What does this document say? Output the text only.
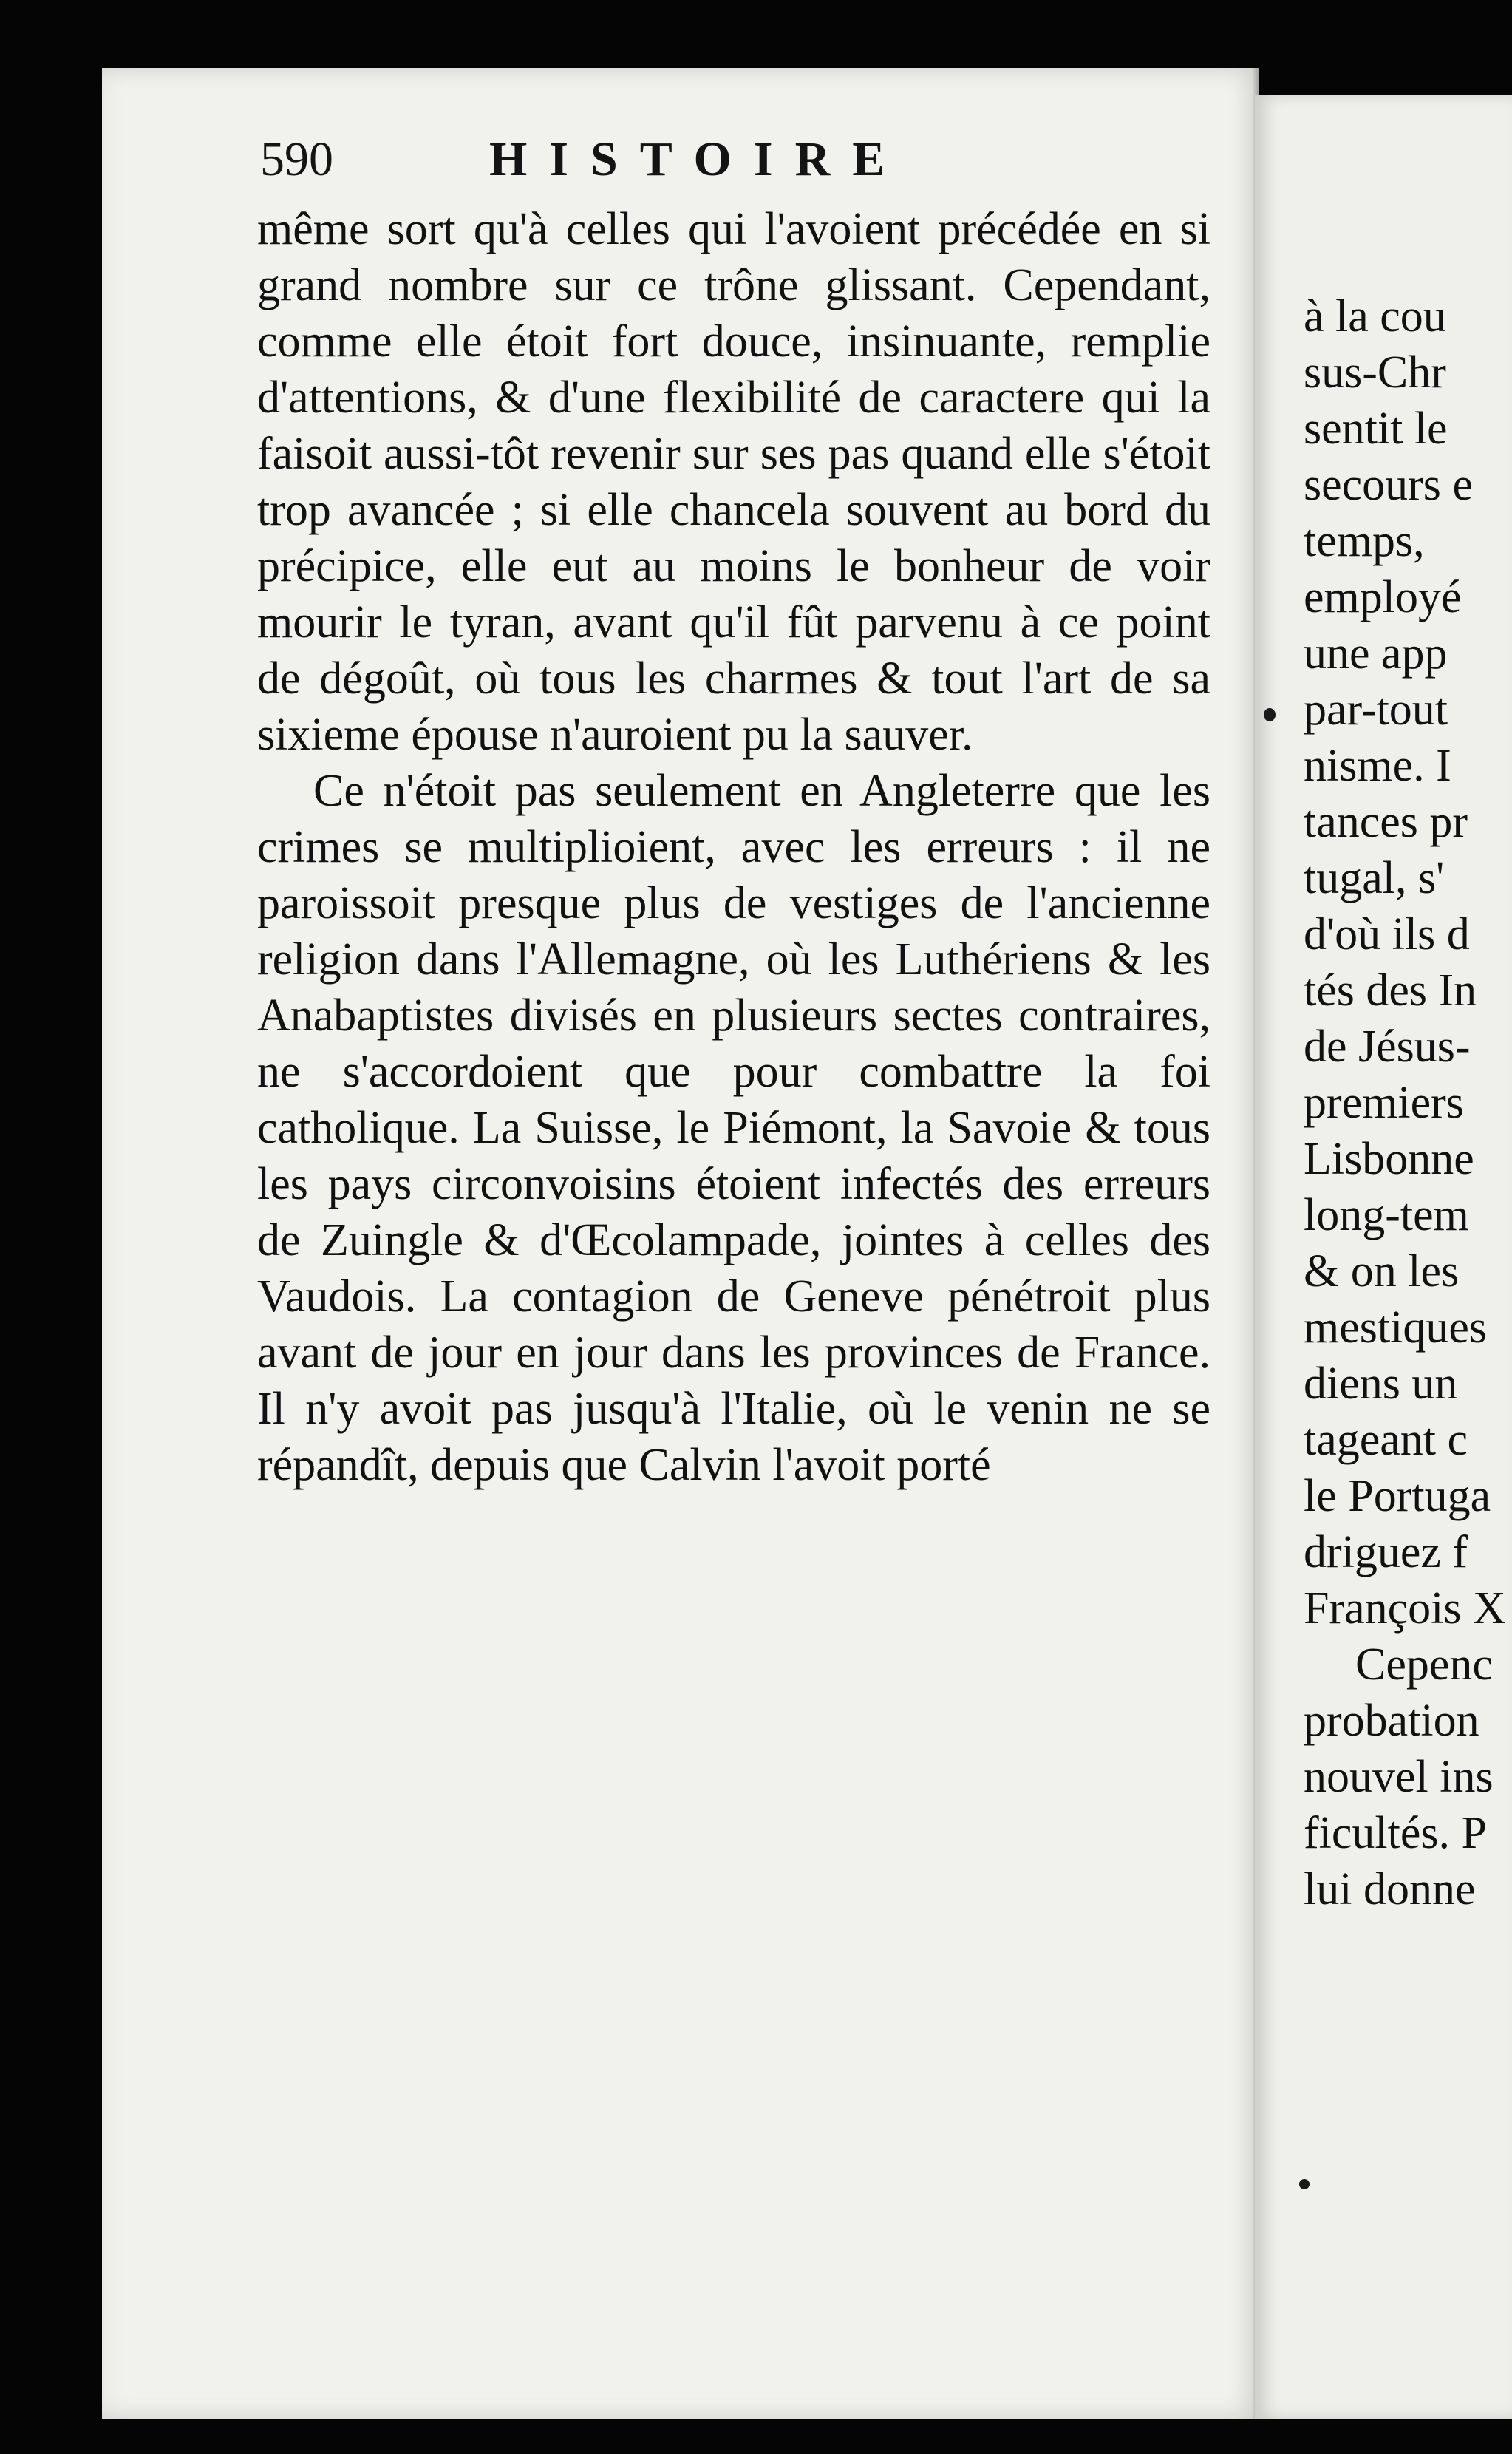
590	HISTOIRE

même sort qu'à celles qui l'avoient précédée en si grand nombre sur ce trône glissant. Cependant, comme elle étoit fort douce, insinuante, remplie d'attentions, & d'une flexibilité de caractere qui la faisoit aussi-tôt revenir sur ses pas quand elle s'étoit trop avancée ; si elle chancela souvent au bord du précipice, elle eut au moins le bonheur de voir mourir le tyran, avant qu'il fût parvenu à ce point de dégoût, où tous les charmes & tout l'art de sa sixieme épouse n'auroient pu la sauver.

Ce n'étoit pas seulement en Angleterre que les crimes se multiplioient, avec les erreurs : il ne paroissoit presque plus de vestiges de l'ancienne religion dans l'Allemagne, où les Luthériens & les Anabaptistes divisés en plusieurs sectes contraires, ne s'accordoient que pour combattre la foi catholique. La Suisse, le Piémont, la Savoie & tous les pays circonvoisins étoient infectés des erreurs de Zuingle & d'Œcolampade, jointes à celles des Vaudois. La contagion de Geneve pénétroit plus avant de jour en jour dans les provinces de France. Il n'y avoit pas jusqu'à l'Italie, où le venin ne se répandît, depuis que Calvin l'avoit porté

à la cou
sus-Chr
sentit le
secours e
temps,
employé
une app
par-tout
nisme. I
tances pr
tugal, s'
d'où ils d
tés des In
de Jésus-
premiers
Lisbonne
long-tem
& on les
mestiques
diens un
tageant c
le Portuga
driguez f
François X
Cepenc
probation
nouvel ins
ficultés. P
lui donne
